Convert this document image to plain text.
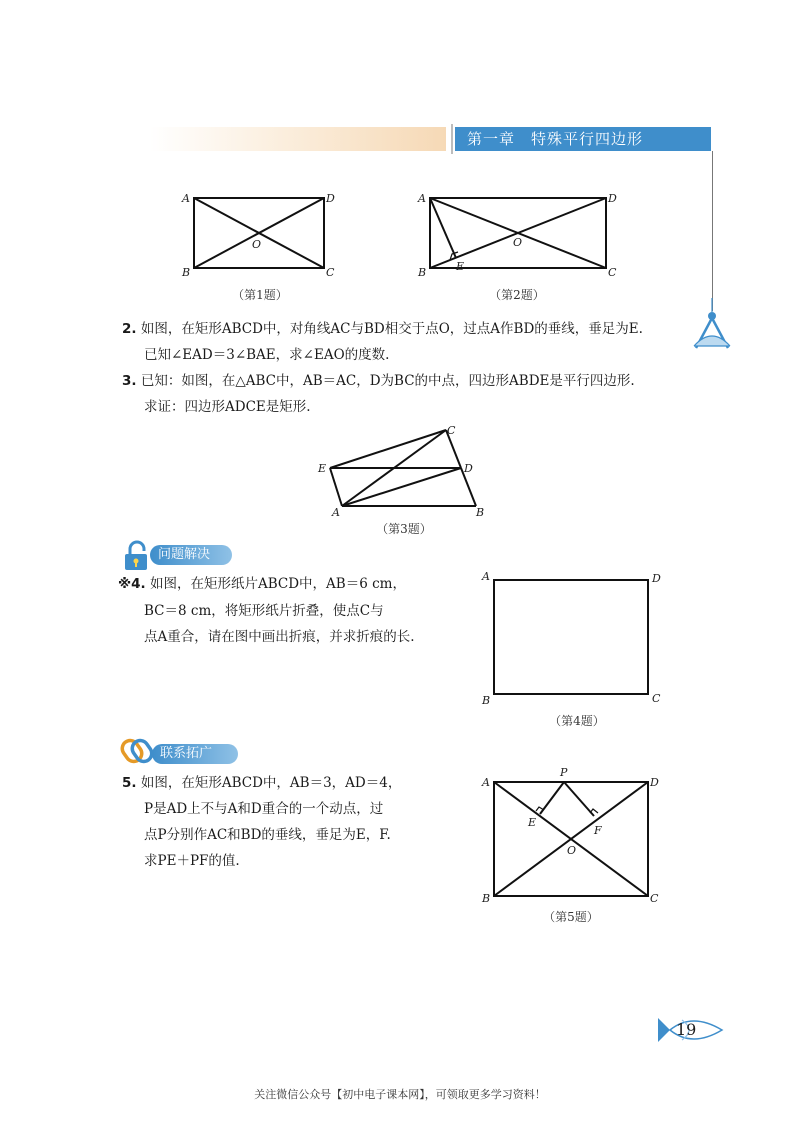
第一章　特殊平行四边形
A	D
B	C
O
（第1题）
A	D
B	C
O
E
（第2题）
2. 如图，在矩形ABCD中，对角线AC与BD相交于点O，过点A作BD的垂线，垂足为E.
已知∠EAD＝3∠BAE，求∠EAO的度数.
3. 已知：如图，在△ABC中，AB＝AC，D为BC的中点，四边形ABDE是平行四边形.
求证：四边形ADCE是矩形.
C
E	D
A	B
（第3题）
问题解决
※4. 如图，在矩形纸片ABCD中，AB＝6 cm，
BC＝8 cm，将矩形纸片折叠，使点C与
点A重合，请在图中画出折痕，并求折痕的长.
A	D
B	C
（第4题）
联系拓广
5. 如图，在矩形ABCD中，AB＝3，AD＝4，
P是AD上不与A和D重合的一个动点，过
点P分别作AC和BD的垂线，垂足为E，F.
求PE＋PF的值.
A	D
B	C
P
E
F
O
（第5题）
19
关注微信公众号【初中电子课本网】，可领取更多学习资料！
